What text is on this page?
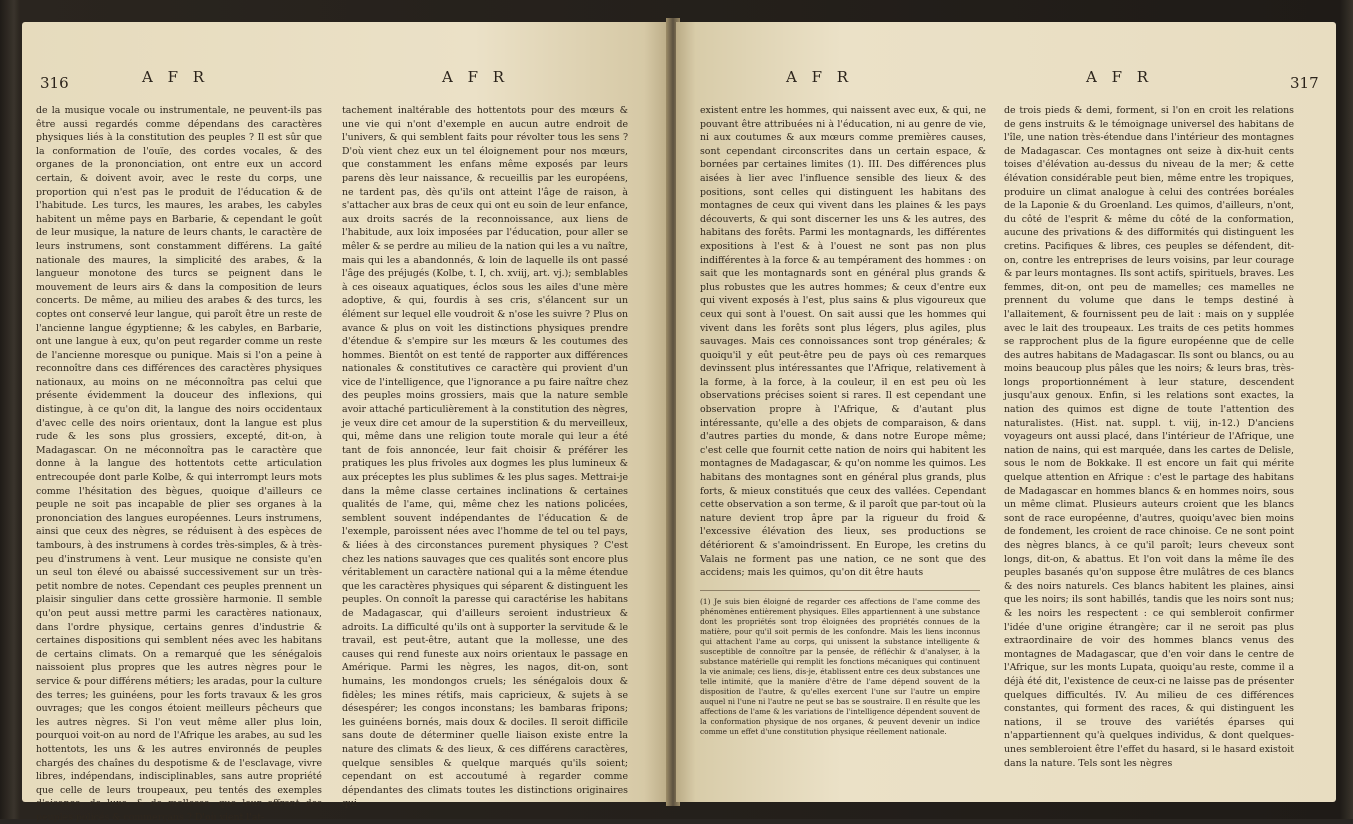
316	A F R	A F R

de la musique vocale ou instrumentale, ne peuvent-ils pas être aussi regardés comme dépendans des caractères physiques liés à la constitution des peuples ? Il est sûr que la conformation de l'ouïe, des cordes vocales, & des organes de la prononciation, ont entre eux un accord certain, & doivent avoir, avec le reste du corps, une proportion qui n'est pas le produit de l'éducation & de l'habitude. Les turcs, les maures, les arabes, les cabyles habitent un même pays en Barbarie, & cependant le goût de leur musique, la nature de leurs chants, le caractère de leurs instrumens, sont constamment différens. La gaîté nationale des maures, la simplicité des arabes, & la langueur monotone des turcs se peignent dans le mouvement de leurs airs & dans la composition de leurs concerts. De même, au milieu des arabes & des turcs, les coptes ont conservé leur langue, qui paroît être un reste de l'ancienne langue égyptienne; & les cabyles, en Barbarie, ont une langue à eux, qu'on peut regarder comme un reste de l'ancienne moresque ou punique. Mais si l'on a peine à reconnoître dans ces différences des caractères physiques nationaux, au moins on ne méconnoîtra pas celui que présente évidemment la douceur des inflexions, qui distingue, à ce qu'on dit, la langue des noirs occidentaux d'avec celle des noirs orientaux, dont la langue est plus rude & les sons plus grossiers, excepté, dit-on, à Madagascar. On ne méconnoîtra pas le caractère que donne à la langue des hottentots cette articulation entrecoupée dont parle Kolbe, & qui interrompt leurs mots comme l'hésitation des bègues, quoique d'ailleurs ce peuple ne soit pas incapable de plier ses organes à la prononciation des langues européennes. Leurs instrumens, ainsi que ceux des nègres, se réduisent à des espèces de tambours, à des instrumens à cordes très-simples, & à très-peu d'instrumens à vent. Leur musique ne consiste qu'en un seul ton élevé ou abaissé successivement sur un très-petit nombre de notes. Cependant ces peuples prennent un plaisir singulier dans cette grossière harmonie. Il semble qu'on peut aussi mettre parmi les caractères nationaux, dans l'ordre physique, certains genres d'industrie & certaines dispositions qui semblent nées avec les habitans de certains climats. On a remarqué que les sénégalois naissoient plus propres que les autres nègres pour le service & pour différens métiers; les aradas, pour la culture des terres; les guinéens, pour les forts travaux & les gros ouvrages; que les congos étoient meilleurs pêcheurs que les autres nègres. Si l'on veut même aller plus loin, pourquoi voit-on au nord de l'Afrique les arabes, au sud les hottentots, les uns & les autres environnés de peuples chargés des chaînes du despotisme & de l'esclavage, vivre libres, indépendans, indisciplinables, sans autre propriété que celle de leurs troupeaux, peu tentés des exemples d'aisance, de luxe, & de mollesse, que leur offrent des peuples policés & commerçans ? D'où vient l'at-

tachement inaltérable des hottentots pour des mœurs & une vie qui n'ont d'exemple en aucun autre endroit de l'univers, & qui semblent faits pour révolter tous les sens ? D'où vient chez eux un tel éloignement pour nos mœurs, que constamment les enfans même exposés par leurs parens dès leur naissance, & recueillis par les européens, ne tardent pas, dès qu'ils ont atteint l'âge de raison, à s'attacher aux bras de ceux qui ont eu soin de leur enfance, aux droits sacrés de la reconnoissance, aux liens de l'habitude, aux loix imposées par l'éducation, pour aller se mêler & se perdre au milieu de la nation qui les a vu naître, mais qui les a abandonnés, & loin de laquelle ils ont passé l'âge des préjugés (Kolbe, t. I, ch. xviij, art. vj.); semblables à ces oiseaux aquatiques, éclos sous les ailes d'une mère adoptive, & qui, fourdis à ses cris, s'élancent sur un élément sur lequel elle voudroit & n'ose les suivre ? Plus on avance & plus on voit les distinctions physiques prendre d'étendue & s'empire sur les mœurs & les coutumes des hommes. Bientôt on est tenté de rapporter aux différences nationales & constitutives ce caractère qui provient d'un vice de l'intelligence, que l'ignorance a pu faire naître chez des peuples moins grossiers, mais que la nature semble avoir attaché particulièrement à la constitution des nègres, je veux dire cet amour de la superstition & du merveilleux, qui, même dans une religion toute morale qui leur a été tant de fois annoncée, leur fait choisir & préférer les pratiques les plus frivoles aux dogmes les plus lumineux & aux préceptes les plus sublimes & les plus sages. Mettrai-je dans la même classe certaines inclinations & certaines qualités de l'ame, qui, même chez les nations policées, semblent souvent indépendantes de l'éducation & de l'exemple, paroissent nées avec l'homme de tel ou tel pays, & liées à des circonstances purement physiques ? C'est chez les nations sauvages que ces qualités sont encore plus véritablement un caractère national qui a la même étendue que les caractères physiques qui séparent & distinguent les peuples. On connoît la paresse qui caractérise les habitans de Madagascar, qui d'ailleurs seroient industrieux & adroits. La difficulté qu'ils ont à supporter la servitude & le travail, est peut-être, autant que la mollesse, une des causes qui rend funeste aux noirs orientaux le passage en Amérique. Parmi les nègres, les nagos, dit-on, sont humains, les mondongos cruels; les sénégalois doux & fidèles; les mines rétifs, mais capricieux, & sujets à se désespérer; les congos inconstans; les bambaras fripons; les guinéens bornés, mais doux & dociles. Il seroit difficile sans doute de déterminer quelle liaison existe entre la nature des climats & des lieux, & ces différens caractères, quelque sensibles & quelque marqués qu'ils soient; cependant on est accoutumé à regarder comme dépendantes des climats toutes les distinctions originaires qui

A F R	A F R	317

existent entre les hommes, qui naissent avec eux, & qui, ne pouvant être attribuées ni à l'éducation, ni au genre de vie, ni aux coutumes & aux mœurs comme premières causes, sont cependant circonscrites dans un certain espace, & bornées par certaines limites (1). III. Des différences plus aisées à lier avec l'influence sensible des lieux & des positions, sont celles qui distinguent les habitans des montagnes de ceux qui vivent dans les plaines & les pays découverts, & qui sont discerner les uns & les autres, des habitans des forêts. Parmi les montagnards, les différentes expositions à l'est & à l'ouest ne sont pas non plus indifférentes à la force & au tempérament des hommes : on sait que les montagnards sont en général plus grands & plus robustes que les autres hommes; & ceux d'entre eux qui vivent exposés à l'est, plus sains & plus vigoureux que ceux qui sont à l'ouest. On sait aussi que les hommes qui vivent dans les forêts sont plus légers, plus agiles, plus sauvages. Mais ces connoissances sont trop générales; & quoiqu'il y eût peut-être peu de pays où ces remarques devinssent plus intéressantes que l'Afrique, relativement à la forme, à la force, à la couleur, il en est peu où les observations précises soient si rares. Il est cependant une observation propre à l'Afrique, & d'autant plus intéressante, qu'elle a des objets de comparaison, & dans d'autres parties du monde, & dans notre Europe même; c'est celle que fournit cette nation de noirs qui habitent les montagnes de Madagascar, & qu'on nomme les quimos. Les habitans des montagnes sont en général plus grands, plus forts, & mieux constitués que ceux des vallées. Cependant cette observation a son terme, & il paroît que par-tout où la nature devient trop âpre par la rigueur du froid & l'excessive élévation des lieux, ses productions se détériorent & s'amoindrissent. En Europe, les cretins du Valais ne forment pas une nation, ce ne sont que des accidens; mais les quimos, qu'on dit être hauts

(1) Je suis bien éloigné de regarder ces affections de l'ame comme des phénomènes entièrement physiques. Elles appartiennent à une substance dont les propriétés sont trop éloignées des propriétés connues de la matière, pour qu'il soit permis de les confondre. Mais les liens inconnus qui attachent l'ame au corps, qui unissent la substance intelligente & susceptible de connoître par la pensée, de réfléchir & d'analyser, à la substance matérielle qui remplit les fonctions mécaniques qui continuent la vie animale; ces liens, dis-je, établissent entre ces deux substances une telle intimité, que la manière d'être de l'ame dépend souvent de la disposition de l'autre, & qu'elles exercent l'une sur l'autre un empire auquel ni l'une ni l'autre ne peut se bas se soustraire. Il en résulte que les affections de l'ame & les variations de l'intelligence dépendent souvent de la conformation physique de nos organes, & peuvent devenir un indice comme un effet d'une constitution physique réellement nationale.

de trois pieds & demi, forment, si l'on en croit les relations de gens instruits & le témoignage universel des habitans de l'île, une nation très-étendue dans l'intérieur des montagnes de Madagascar. Ces montagnes ont seize à dix-huit cents toises d'élévation au-dessus du niveau de la mer; & cette élévation considérable peut bien, même entre les tropiques, produire un climat analogue à celui des contrées boréales de la Laponie & du Groenland. Les quimos, d'ailleurs, n'ont, du côté de l'esprit & même du côté de la conformation, aucune des privations & des difformités qui distinguent les cretins. Pacifiques & libres, ces peuples se défendent, dit-on, contre les entreprises de leurs voisins, par leur courage & par leurs montagnes. Ils sont actifs, spirituels, braves. Les femmes, dit-on, ont peu de mamelles; ces mamelles ne prennent du volume que dans le temps destiné à l'allaitement, & fournissent peu de lait : mais on y supplée avec le lait des troupeaux. Les traits de ces petits hommes se rapprochent plus de la figure européenne que de celle des autres habitans de Madagascar. Ils sont ou blancs, ou au moins beaucoup plus pâles que les noirs; & leurs bras, très-longs proportionnément à leur stature, descendent jusqu'aux genoux. Enfin, si les relations sont exactes, la nation des quimos est digne de toute l'attention des naturalistes. (Hist. nat. suppl. t. viij, in-12.) D'anciens voyageurs ont aussi placé, dans l'intérieur de l'Afrique, une nation de nains, qui est marquée, dans les cartes de Delisle, sous le nom de Bokkake. Il est encore un fait qui mérite quelque attention en Afrique : c'est le partage des habitans de Madagascar en hommes blancs & en hommes noirs, sous un même climat. Plusieurs auteurs croient que les blancs sont de race européenne, d'autres, quoiqu'avec bien moins de fondement, les croient de race chinoise. Ce ne sont point des nègres blancs, à ce qu'il paroît; leurs cheveux sont longs, dit-on, & abattus. Et l'on voit dans la même île des peuples basanés qu'on suppose être mulâtres de ces blancs & des noirs naturels. Ces blancs habitent les plaines, ainsi que les noirs; ils sont habillés, tandis que les noirs sont nus; & les noirs les respectent : ce qui sembleroit confirmer l'idée d'une origine étrangère; car il ne seroit pas plus extraordinaire de voir des hommes blancs venus des montagnes de Madagascar, que d'en voir dans le centre de l'Afrique, sur les monts Lupata, quoiqu'au reste, comme il a déjà été dit, l'existence de ceux-ci ne laisse pas de présenter quelques difficultés. IV. Au milieu de ces différences constantes, qui forment des races, & qui distinguent les nations, il se trouve des variétés éparses qui n'appartiennent qu'à quelques individus, & dont quelques-unes sembleroient être l'effet du hasard, si le hasard existoit dans la nature. Tels sont les nègres
